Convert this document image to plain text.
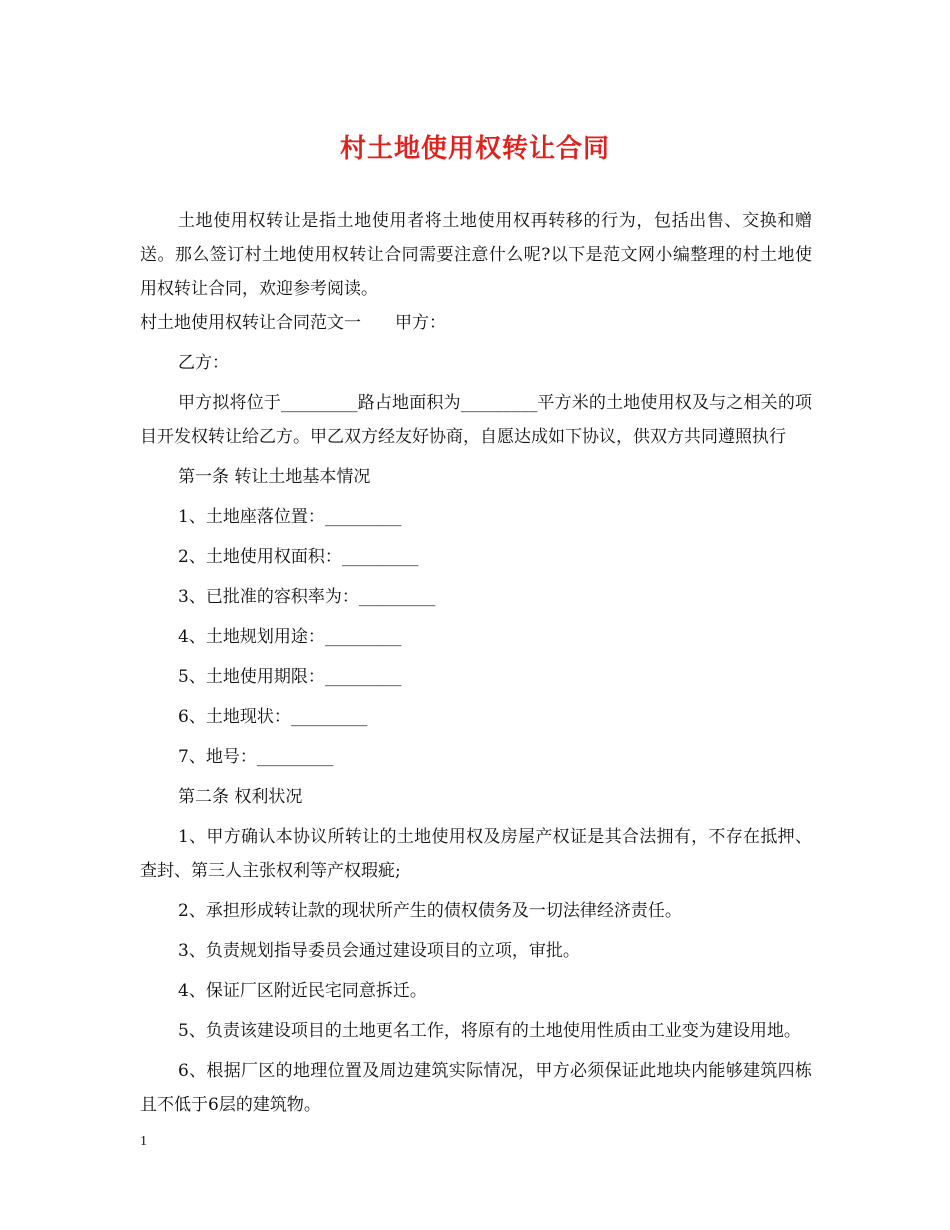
村土地使用权转让合同

土地使用权转让是指土地使用者将土地使用权再转移的行为，包括出售、交换和赠送。那么签订村土地使用权转让合同需要注意什么呢?以下是范文网小编整理的村土地使用权转让合同，欢迎参考阅读。

村土地使用权转让合同范文一　　甲方：

乙方：

甲方拟将位于_________路占地面积为_________平方米的土地使用权及与之相关的项目开发权转让给乙方。甲乙双方经友好协商，自愿达成如下协议，供双方共同遵照执行

第一条 转让土地基本情况

1、土地座落位置：_________

2、土地使用权面积：_________

3、已批准的容积率为：_________

4、土地规划用途：_________

5、土地使用期限：_________

6、土地现状：_________

7、地号：_________

第二条 权利状况

1、甲方确认本协议所转让的土地使用权及房屋产权证是其合法拥有，不存在抵押、查封、第三人主张权利等产权瑕疵;

2、承担形成转让款的现状所产生的债权债务及一切法律经济责任。

3、负责规划指导委员会通过建设项目的立项，审批。

4、保证厂区附近民宅同意拆迁。

5、负责该建设项目的土地更名工作，将原有的土地使用性质由工业变为建设用地。

6、根据厂区的地理位置及周边建筑实际情况，甲方必须保证此地块内能够建筑四栋且不低于6层的建筑物。

1
